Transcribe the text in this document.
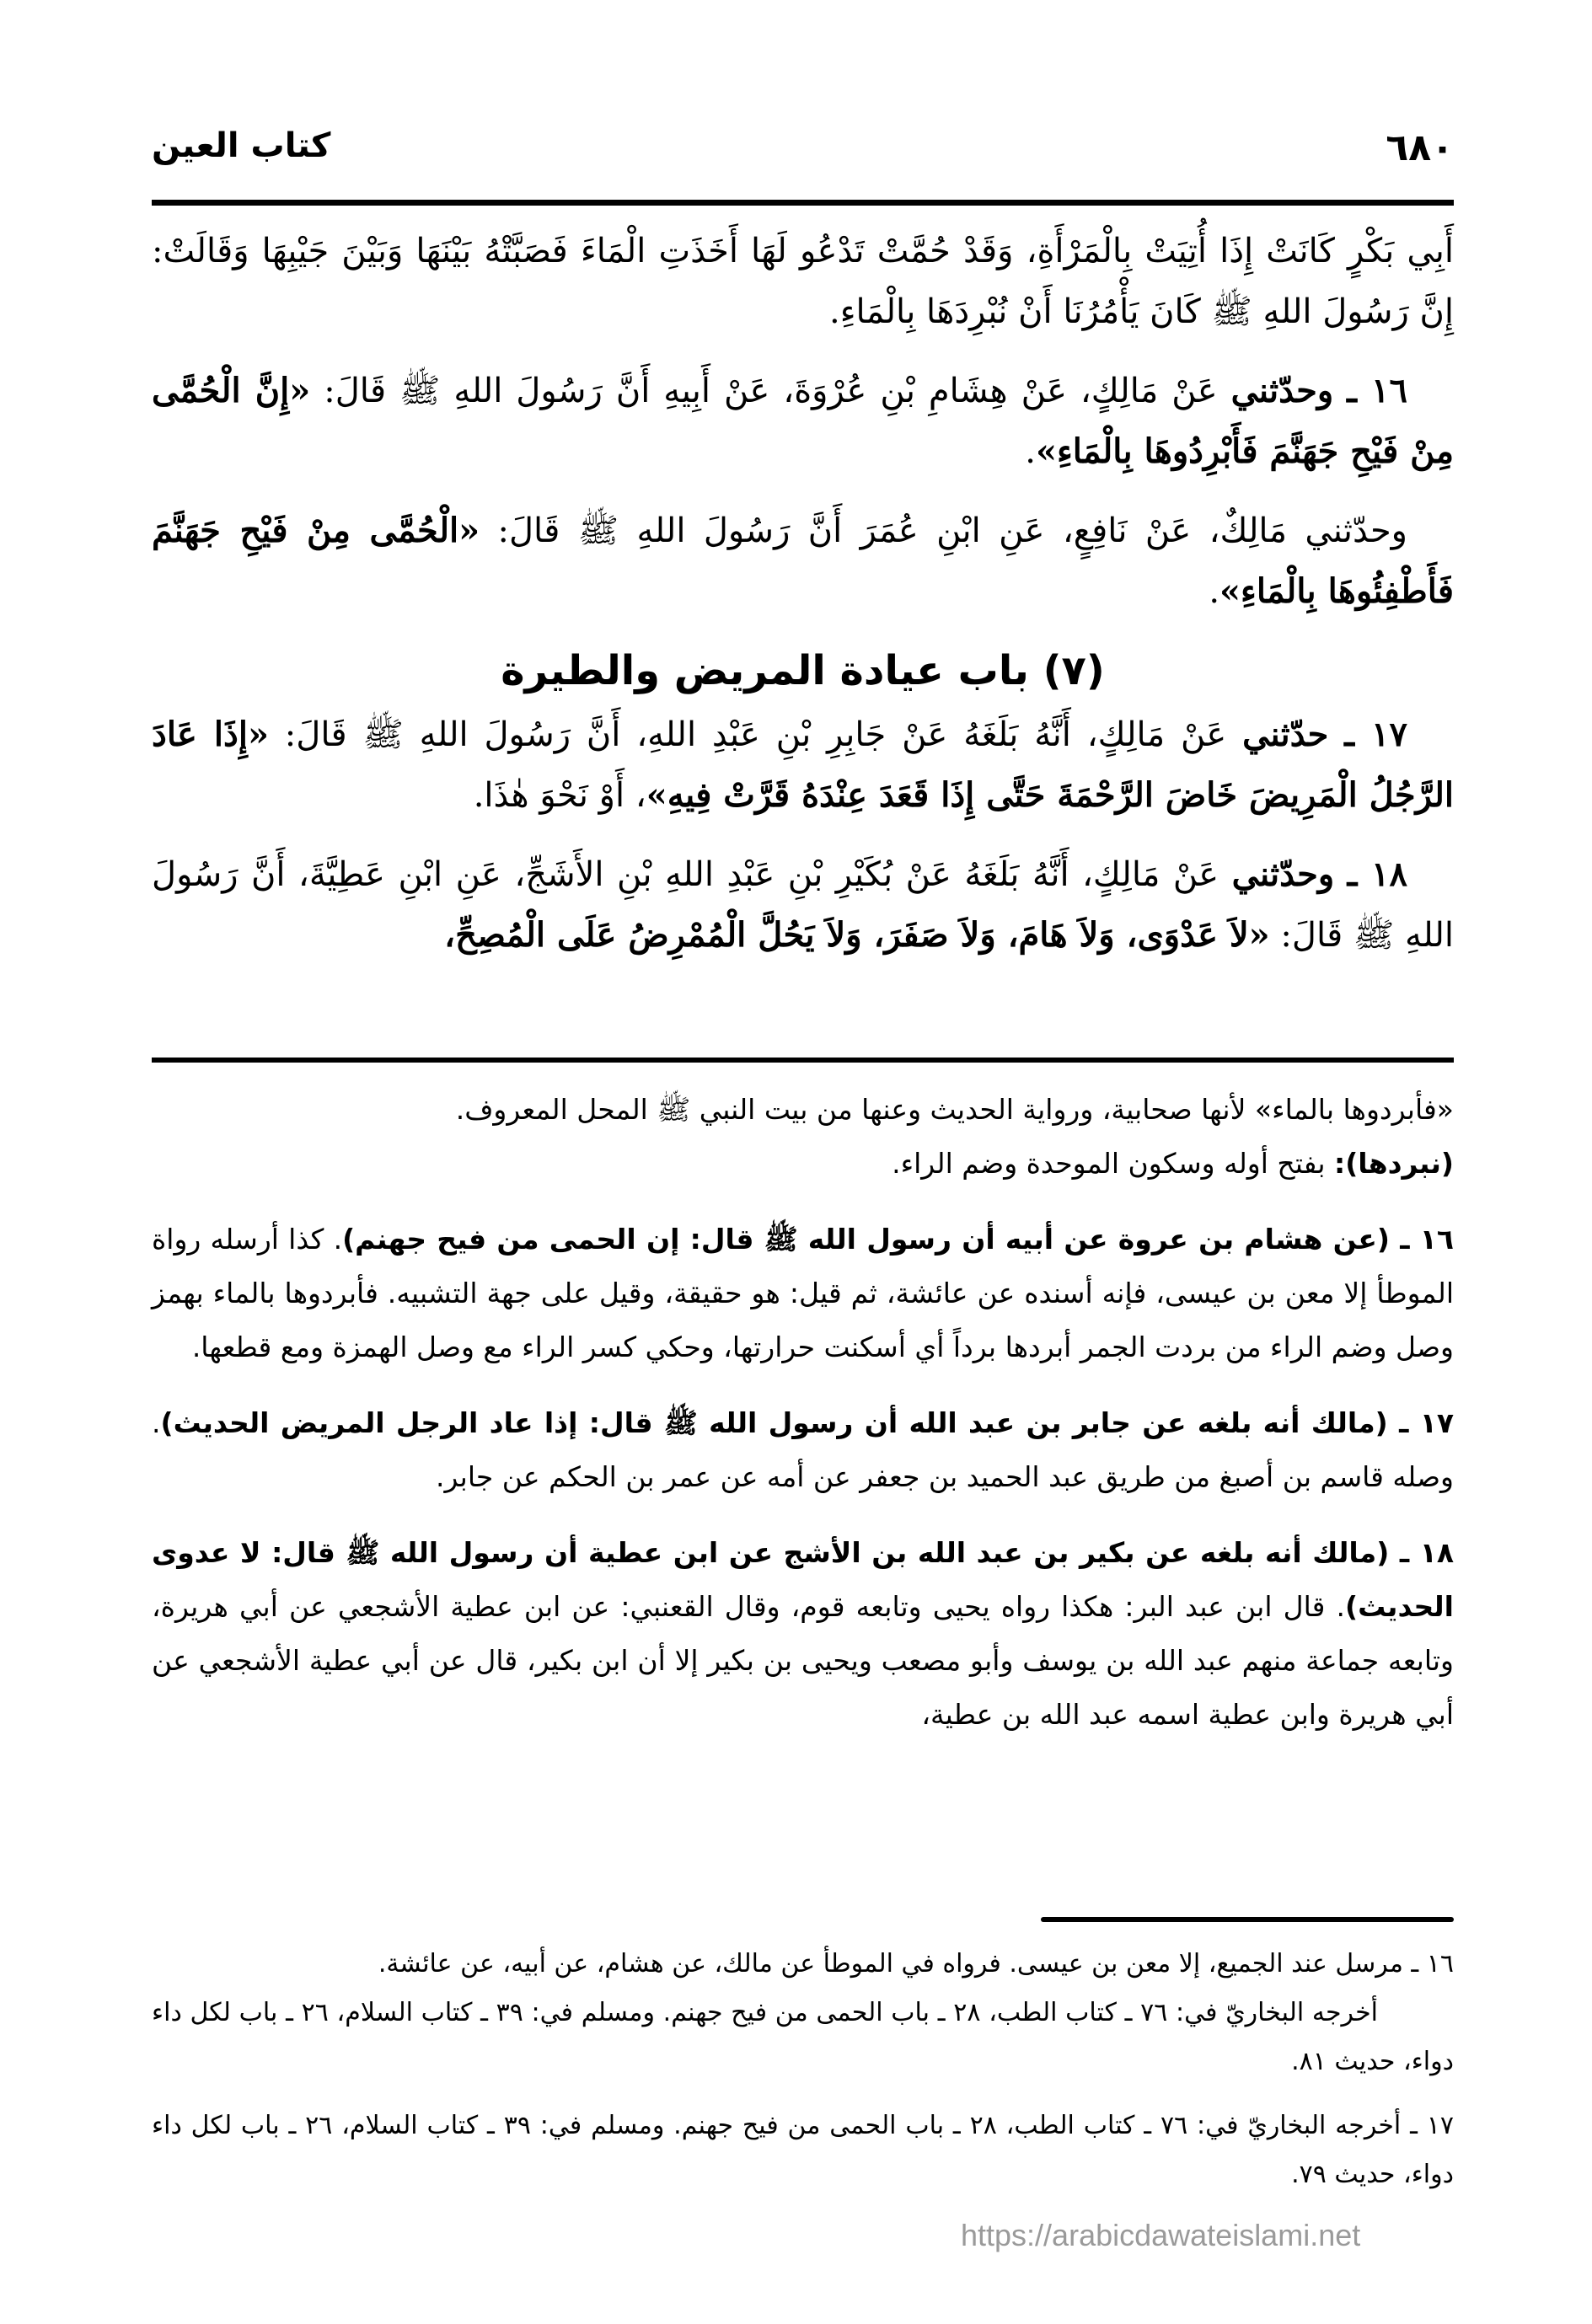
٦٨٠
كتاب العين

أَبِي بَكْرٍ كَانَتْ إِذَا أُتِيَتْ بِالْمَرْأَةِ، وَقَدْ حُمَّتْ تَدْعُو لَهَا أَخَذَتِ الْمَاءَ فَصَبَّتْهُ بَيْنَهَا وَبَيْنَ جَيْبِهَا وَقَالَتْ: إِنَّ رَسُولَ اللهِ ﷺ كَانَ يَأْمُرُنَا أَنْ نُبْرِدَهَا بِالْمَاءِ.

١٦ ـ وحدّثني عَنْ مَالِكٍ، عَنْ هِشَامِ بْنِ عُرْوَةَ، عَنْ أَبِيهِ أَنَّ رَسُولَ اللهِ ﷺ قَالَ: «إِنَّ الْحُمَّى مِنْ فَيْحِ جَهَنَّمَ فَأَبْرِدُوهَا بِالْمَاءِ».

وحدّثني مَالِكٌ، عَنْ نَافِعٍ، عَنِ ابْنِ عُمَرَ أَنَّ رَسُولَ اللهِ ﷺ قَالَ: «الْحُمَّى مِنْ فَيْحِ جَهَنَّمَ فَأَطْفِئُوهَا بِالْمَاءِ».

(٧) باب عيادة المريض والطيرة

١٧ ـ حدّثني عَنْ مَالِكٍ، أَنَّهُ بَلَغَهُ عَنْ جَابِرِ بْنِ عَبْدِ اللهِ، أَنَّ رَسُولَ اللهِ ﷺ قَالَ: «إِذَا عَادَ الرَّجُلُ الْمَرِيضَ خَاضَ الرَّحْمَةَ حَتَّى إِذَا قَعَدَ عِنْدَهُ قَرَّتْ فِيهِ»، أَوْ نَحْوَ هٰذَا.

١٨ ـ وحدّثني عَنْ مَالِكٍ، أَنَّهُ بَلَغَهُ عَنْ بُكَيْرِ بْنِ عَبْدِ اللهِ بْنِ الأَشَجِّ، عَنِ ابْنِ عَطِيَّةَ، أَنَّ رَسُولَ اللهِ ﷺ قَالَ: «لاَ عَدْوَى، وَلاَ هَامَ، وَلاَ صَفَرَ، وَلاَ يَحُلَّ الْمُمْرِضُ عَلَى الْمُصِحِّ،

«فأبردوها بالماء» لأنها صحابية، ورواية الحديث وعنها من بيت النبي ﷺ المحل المعروف.
(نبردها): بفتح أوله وسكون الموحدة وضم الراء.

١٦ ـ (عن هشام بن عروة عن أبيه أن رسول الله ﷺ قال: إن الحمى من فيح جهنم). كذا أرسله رواة الموطأ إلا معن بن عيسى، فإنه أسنده عن عائشة، ثم قيل: هو حقيقة، وقيل على جهة التشبيه. فأبردوها بالماء بهمز وصل وضم الراء من بردت الجمر أبردها برداً أي أسكنت حرارتها، وحكي كسر الراء مع وصل الهمزة ومع قطعها.

١٧ ـ (مالك أنه بلغه عن جابر بن عبد الله أن رسول الله ﷺ قال: إذا عاد الرجل المريض الحديث). وصله قاسم بن أصبغ من طريق عبد الحميد بن جعفر عن أمه عن عمر بن الحكم عن جابر.

١٨ ـ (مالك أنه بلغه عن بكير بن عبد الله بن الأشج عن ابن عطية أن رسول الله ﷺ قال: لا عدوى الحديث). قال ابن عبد البر: هكذا رواه يحيى وتابعه قوم، وقال القعنبي: عن ابن عطية الأشجعي عن أبي هريرة، وتابعه جماعة منهم عبد الله بن يوسف وأبو مصعب ويحيى بن بكير إلا أن ابن بكير، قال عن أبي عطية الأشجعي عن أبي هريرة وابن عطية اسمه عبد الله بن عطية،

١٦ ـ مرسل عند الجميع، إلا معن بن عيسى. فرواه في الموطأ عن مالك، عن هشام، عن أبيه، عن عائشة.
أخرجه البخاريّ في: ٧٦ ـ كتاب الطب، ٢٨ ـ باب الحمى من فيح جهنم. ومسلم في: ٣٩ ـ كتاب السلام، ٢٦ ـ باب لكل داء دواء، حديث ٨١.

١٧ ـ أخرجه البخاريّ في: ٧٦ ـ كتاب الطب، ٢٨ ـ باب الحمى من فيح جهنم. ومسلم في: ٣٩ ـ كتاب السلام، ٢٦ ـ باب لكل داء دواء، حديث ٧٩.

https://arabicdawateislami.net
